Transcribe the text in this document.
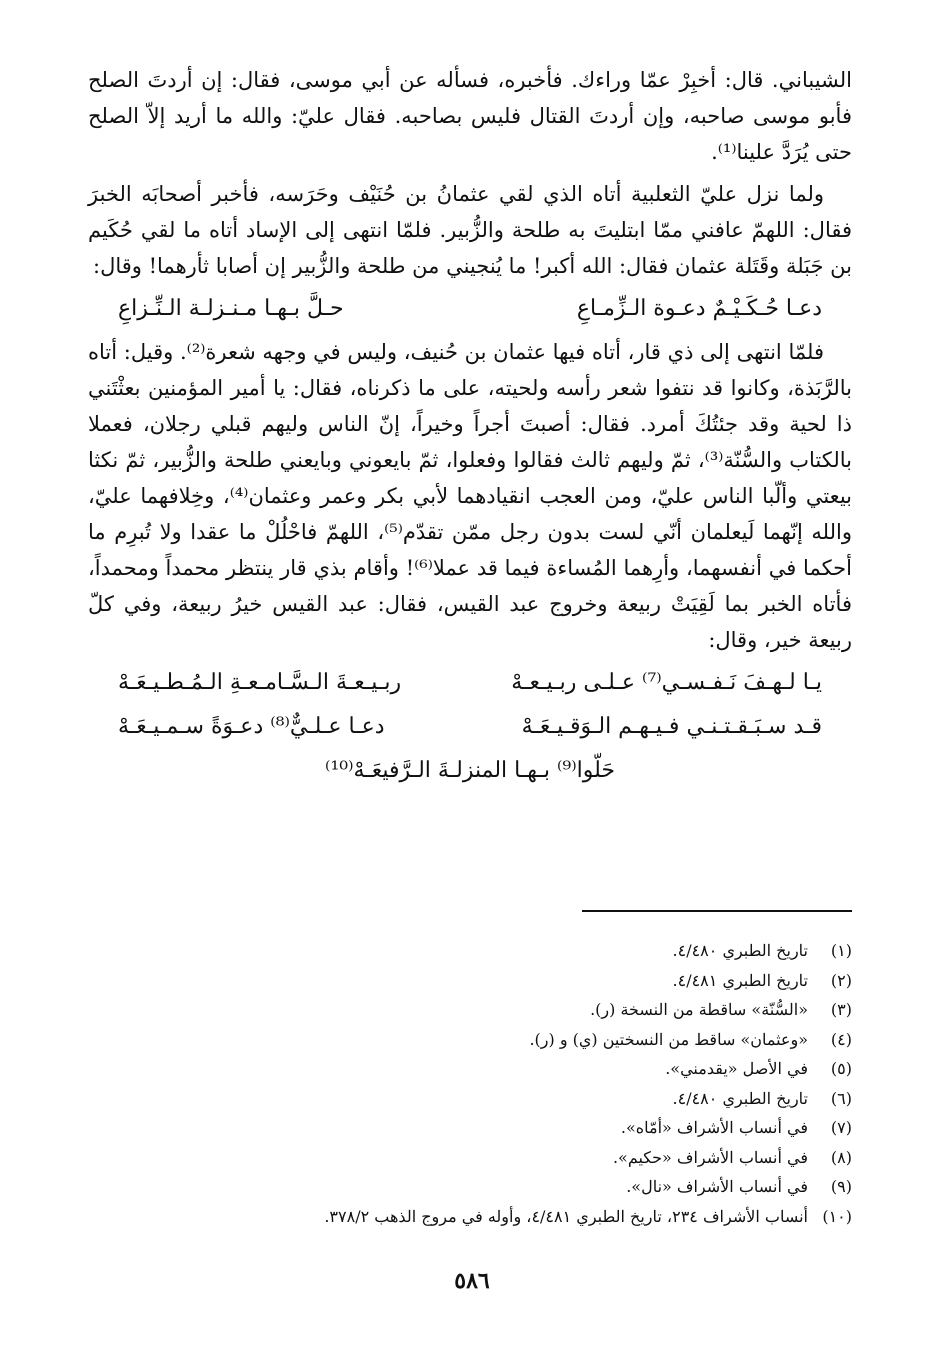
الشيباني. قال: أخبِرْ عمّا وراءك. فأخبره، فسأله عن أبي موسى، فقال: إن أردتَ الصلح فأبو موسى صاحبه، وإن أردتَ القتال فليس بصاحبه. فقال عليّ: والله ما أريد إلاّ الصلح حتى يُرَدَّ علينا⁽¹⁾.

ولما نزل عليّ الثعلبية أتاه الذي لقي عثمانُ بن حُنَيْف وحَرَسه، فأخبر أصحابَه الخبرَ فقال: اللهمّ عافني ممّا ابتليتَ به طلحة والزُّبير. فلمّا انتهى إلى الإساد أتاه ما لقي حُكَيم بن جَبَلة وقَتَلة عثمان فقال: الله أكبر! ما يُنجيني من طلحة والزُّبير إن أصابا ثأرهما! وقال:

دعـا حُـكَـيْـمٌ دعـوة الـزِّمـاعِ
حـلَّ بـهـا مـنـزلـة الـنِّـزاعِ

فلمّا انتهى إلى ذي قار، أتاه فيها عثمان بن حُنيف، وليس في وجهه شعرة⁽²⁾. وقيل: أتاه بالرَّبَذة، وكانوا قد نتفوا شعر رأسه ولحيته، على ما ذكرناه، فقال: يا أمير المؤمنين بعثْتَني ذا لحية وقد جئتُكَ أمرد. فقال: أصبتَ أجراً وخيراً، إنّ الناس وليهم قبلي رجلان، فعملا بالكتاب والسُّنّة⁽³⁾، ثمّ وليهم ثالث فقالوا وفعلوا، ثمّ بايعوني وبايعني طلحة والزُّبير، ثمّ نكثا بيعتي وألّبا الناس عليّ، ومن العجب انقيادهما لأبي بكر وعمر وعثمان⁽⁴⁾، وخِلافهما عليّ، والله إنّهما لَيعلمان أنّي لست بدون رجل ممّن تقدّم⁽⁵⁾، اللهمّ فاحْلُلْ ما عقدا ولا تُبرِم ما أحكما في أنفسهما، وأرِهما المُساءة فيما قد عملا⁽⁶⁾! وأقام بذي قار ينتظر محمداً ومحمداً، فأتاه الخبر بما لَقِيَتْ ربيعة وخروج عبد القيس، فقال: عبد القيس خيرُ ربيعة، وفي كلّ ربيعة خير، وقال:

يـا لـهـفَ نَـفـسـي⁽⁷⁾ عـلـى ربـيـعـهْ
ربـيـعـةَ الـسَّـامـعـةِ الـمُـطـيـعَـهْ
قـد سـبَـقـتـنـي فـيـهـم الـوَقـيـعَـهْ
دعـا عـلـيٌّ⁽⁸⁾ دعـوَةً سـمـيـعَـهْ
حَلّوا⁽⁹⁾ بـهـا المنزلـةَ الـرَّفيعَـهْ⁽¹⁰⁾
(١)
تاريخ الطبري ٤/٤٨٠.
(٢)
تاريخ الطبري ٤/٤٨١.
(٣)
«السُّنّة» ساقطة من النسخة (ر).
(٤)
«وعثمان» ساقط من النسختين (ي) و (ر).
(٥)
في الأصل «يقدمني».
(٦)
تاريخ الطبري ٤/٤٨٠.
(٧)
في أنساب الأشراف «أمّاه».
(٨)
في أنساب الأشراف «حكيم».
(٩)
في أنساب الأشراف «نال».
(١٠)
أنساب الأشراف ٢٣٤، تاريخ الطبري ٤/٤٨١، وأوله في مروج الذهب ٣٧٨/٢.
٥٨٦
